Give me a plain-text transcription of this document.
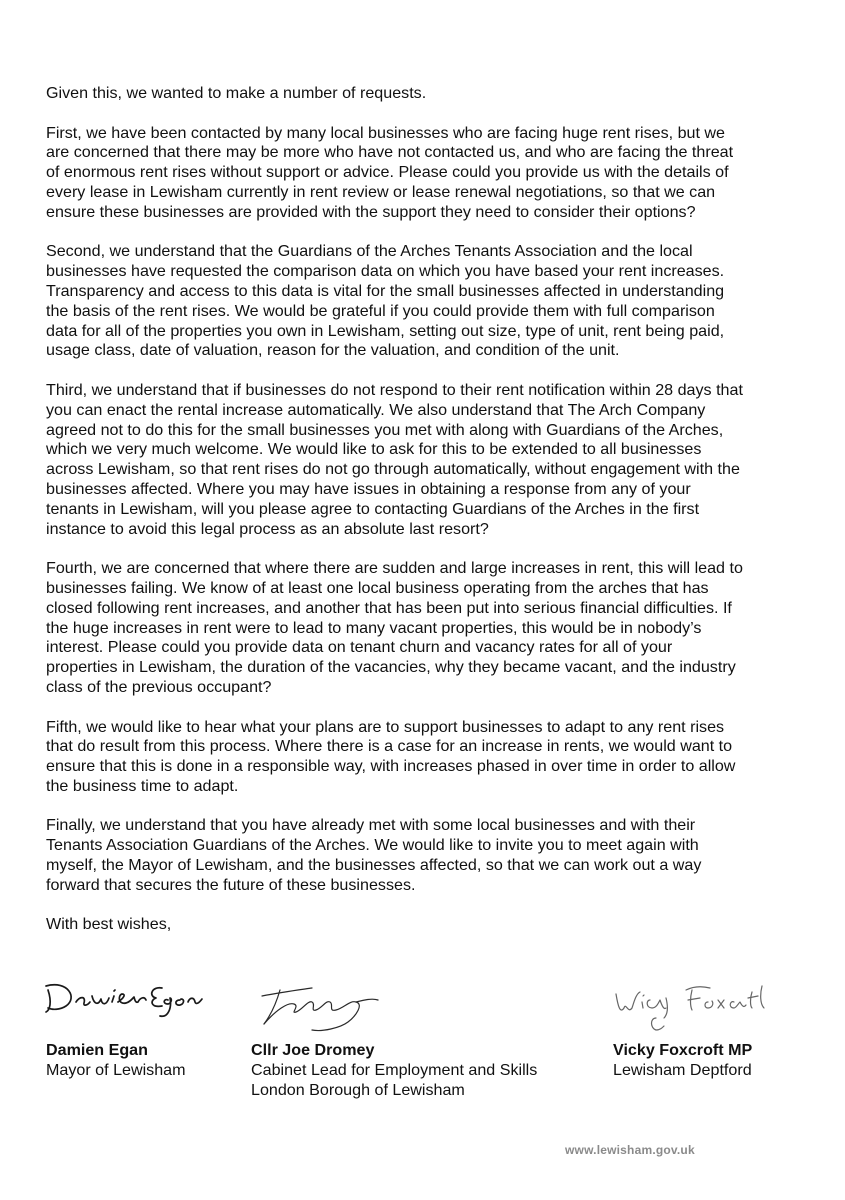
Given this, we wanted to make a number of requests.

First, we have been contacted by many local businesses who are facing huge rent rises, but we
are concerned that there may be more who have not contacted us, and who are facing the threat
of enormous rent rises without support or advice. Please could you provide us with the details of
every lease in Lewisham currently in rent review or lease renewal negotiations, so that we can
ensure these businesses are provided with the support they need to consider their options?

Second, we understand that the Guardians of the Arches Tenants Association and the local
businesses have requested the comparison data on which you have based your rent increases.
Transparency and access to this data is vital for the small businesses affected in understanding
the basis of the rent rises. We would be grateful if you could provide them with full comparison
data for all of the properties you own in Lewisham, setting out size, type of unit, rent being paid,
usage class, date of valuation, reason for the valuation, and condition of the unit.

Third, we understand that if businesses do not respond to their rent notification within 28 days that
you can enact the rental increase automatically. We also understand that The Arch Company
agreed not to do this for the small businesses you met with along with Guardians of the Arches,
which we very much welcome. We would like to ask for this to be extended to all businesses
across Lewisham, so that rent rises do not go through automatically, without engagement with the
businesses affected. Where you may have issues in obtaining a response from any of your
tenants in Lewisham, will you please agree to contacting Guardians of the Arches in the first
instance to avoid this legal process as an absolute last resort?

Fourth, we are concerned that where there are sudden and large increases in rent, this will lead to
businesses failing. We know of at least one local business operating from the arches that has
closed following rent increases, and another that has been put into serious financial difficulties. If
the huge increases in rent were to lead to many vacant properties, this would be in nobody’s
interest. Please could you provide data on tenant churn and vacancy rates for all of your
properties in Lewisham, the duration of the vacancies, why they became vacant, and the industry
class of the previous occupant?

Fifth, we would like to hear what your plans are to support businesses to adapt to any rent rises
that do result from this process. Where there is a case for an increase in rents, we would want to
ensure that this is done in a responsible way, with increases phased in over time in order to allow
the business time to adapt.

Finally, we understand that you have already met with some local businesses and with their
Tenants Association Guardians of the Arches. We would like to invite you to meet again with
myself, the Mayor of Lewisham, and the businesses affected, so that we can work out a way
forward that secures the future of these businesses.

With best wishes,

Damien Egan
Mayor of Lewisham
Cllr Joe Dromey
Cabinet Lead for Employment and Skills
London Borough of Lewisham
Vicky Foxcroft MP
Lewisham Deptford
www.lewisham.gov.uk
